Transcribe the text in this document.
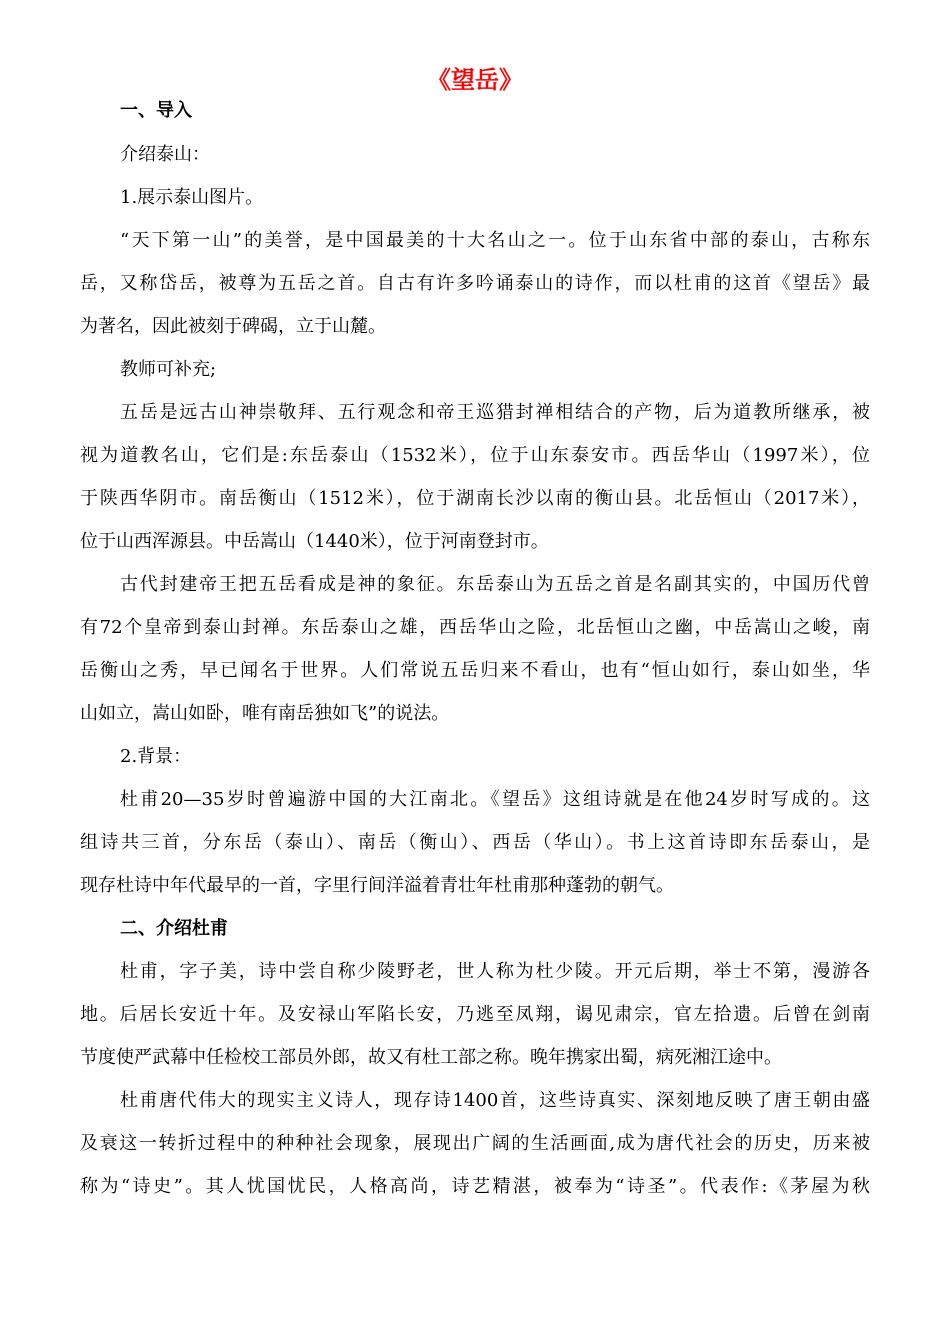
《望岳》
一、导入
介绍泰山：
1.展示泰山图片。
“天下第一山”的美誉，是中国最美的十大名山之一。位于山东省中部的泰山，古称东
岳，又称岱岳，被尊为五岳之首。自古有许多吟诵泰山的诗作，而以杜甫的这首《望岳》最
为著名，因此被刻于碑碣，立于山麓。
教师可补充;
五岳是远古山神崇敬拜、五行观念和帝王巡猎封禅相结合的产物，后为道教所继承，被
视为道教名山，它们是:东岳泰山（1532米），位于山东泰安市。西岳华山（1997米），位
于陕西华阴市。南岳衡山（1512米），位于湖南长沙以南的衡山县。北岳恒山（2017米），
位于山西浑源县。中岳嵩山（1440米），位于河南登封市。
古代封建帝王把五岳看成是神的象征。东岳泰山为五岳之首是名副其实的，中国历代曾
有72个皇帝到泰山封禅。东岳泰山之雄，西岳华山之险，北岳恒山之幽，中岳嵩山之峻，南
岳衡山之秀，早已闻名于世界。人们常说五岳归来不看山，也有“恒山如行，泰山如坐，华
山如立，嵩山如卧，唯有南岳独如飞”的说法。
2.背景：
杜甫20—35岁时曾遍游中国的大江南北。《望岳》这组诗就是在他24岁时写成的。这
组诗共三首，分东岳（泰山）、南岳（衡山）、西岳（华山）。书上这首诗即东岳泰山，是
现存杜诗中年代最早的一首，字里行间洋溢着青壮年杜甫那种蓬勃的朝气。
二、介绍杜甫
杜甫，字子美，诗中尝自称少陵野老，世人称为杜少陵。开元后期，举士不第，漫游各
地。后居长安近十年。及安禄山军陷长安，乃逃至凤翔，谒见肃宗，官左拾遗。后曾在剑南
节度使严武幕中任检校工部员外郎，故又有杜工部之称。晚年携家出蜀，病死湘江途中。
杜甫唐代伟大的现实主义诗人，现存诗1400首，这些诗真实、深刻地反映了唐王朝由盛
及衰这一转折过程中的种种社会现象，展现出广阔的生活画面,成为唐代社会的历史，历来被
称为“诗史”。其人忧国忧民，人格高尚，诗艺精湛，被奉为“诗圣”。代表作:《茅屋为秋
